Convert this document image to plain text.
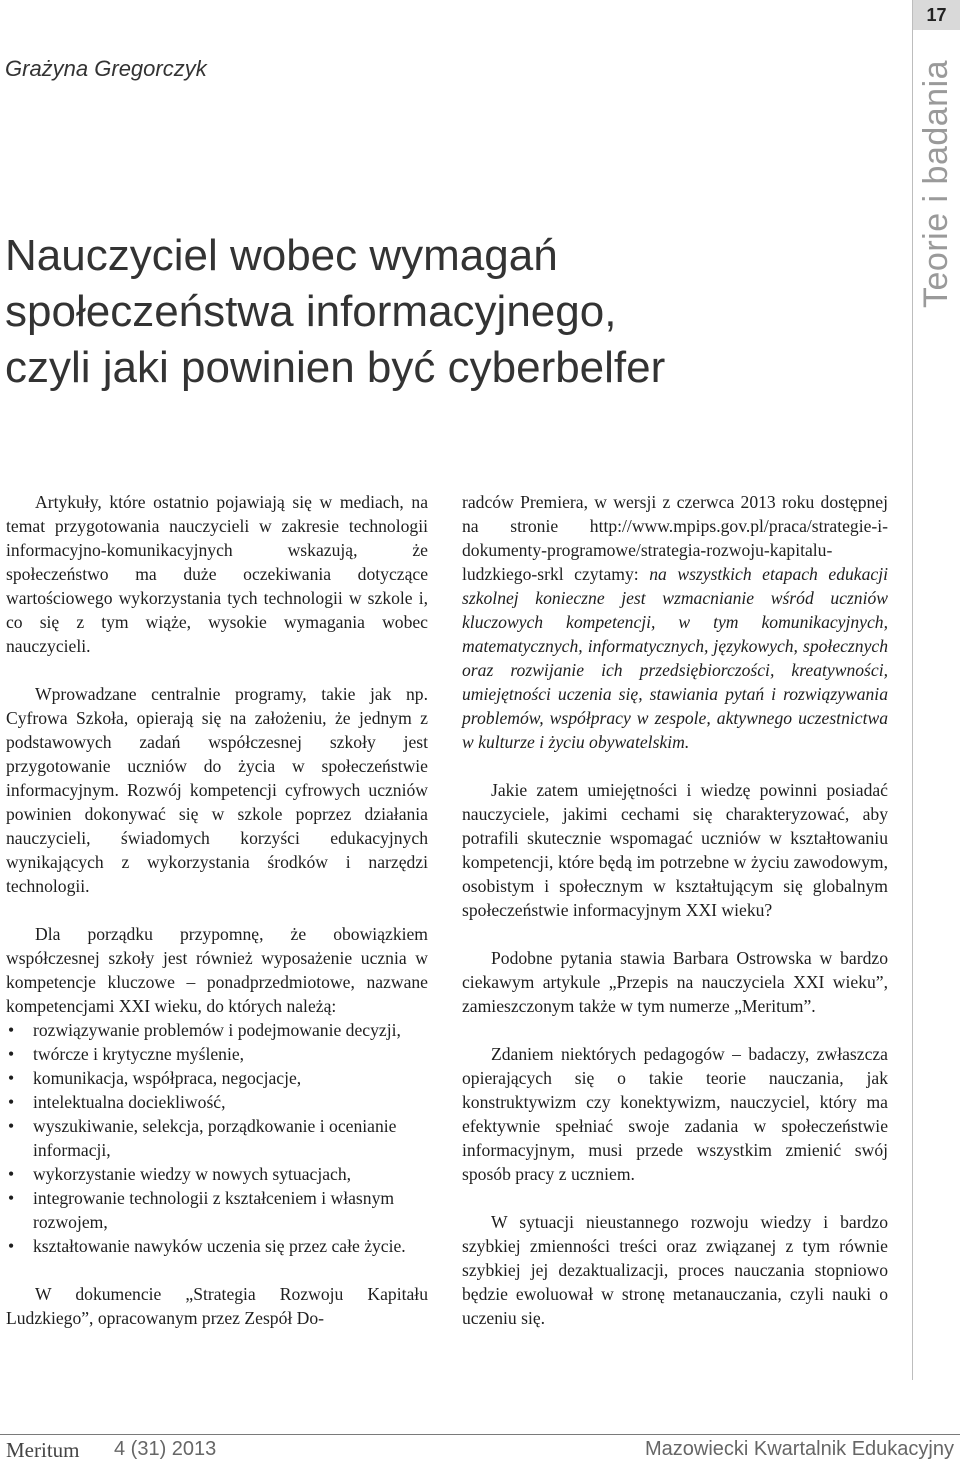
17
Teorie i badania
Grażyna Gregorczyk
Nauczyciel wobec wymagań
społeczeństwa informacyjnego,
czyli jaki powinien być cyberbelfer

Artykuły, które ostatnio pojawiają się w mediach, na temat przygotowania nauczycieli w zakresie technologii informacyjno-komunikacyjnych wskazują, że społeczeństwo ma duże oczekiwania dotyczące wartościowego wykorzystania tych technologii w szkole i, co się z tym wiąże, wysokie wymagania wobec nauczycieli.

Wprowadzane centralnie programy, takie jak np. Cyfrowa Szkoła, opierają się na założeniu, że jednym z podstawowych zadań współczesnej szkoły jest przygotowanie uczniów do życia w społeczeństwie informacyjnym. Rozwój kompetencji cyfrowych uczniów powinien dokonywać się w szkole poprzez działania nauczycieli, świadomych korzyści edukacyjnych wynikających z wykorzystania środków i narzędzi technologii.

Dla porządku przypomnę, że obowiązkiem współczesnej szkoły jest również wyposażenie ucznia w kompetencje kluczowe – ponadprzedmiotowe, nazwane kompetencjami XXI wieku, do których należą:

• rozwiązywanie problemów i podejmowanie decyzji,
• twórcze i krytyczne myślenie,
• komunikacja, współpraca, negocjacje,
• intelektualna dociekliwość,
• wyszukiwanie, selekcja, porządkowanie i ocenianie informacji,
• wykorzystanie wiedzy w nowych sytuacjach,
• integrowanie technologii z kształceniem i własnym rozwojem,
• kształtowanie nawyków uczenia się przez całe życie.

W dokumencie „Strategia Rozwoju Kapitału Ludzkiego”, opracowanym przez Zespół Do-

radców Premiera, w wersji z czerwca 2013 roku dostępnej na stronie http://www.mpips.gov.pl/praca/strategie-i-dokumenty-programowe/strategia-rozwoju-kapitalu-ludzkiego-srkl czytamy: na wszystkich etapach edukacji szkolnej konieczne jest wzmacnianie wśród uczniów kluczowych kompetencji, w tym komunikacyjnych, matematycznych, informatycznych, językowych, społecznych oraz rozwijanie ich przedsiębiorczości, kreatywności, umiejętności uczenia się, stawiania pytań i rozwiązywania problemów, współpracy w zespole, aktywnego uczestnictwa w kulturze i życiu obywatelskim.

Jakie zatem umiejętności i wiedzę powinni posiadać nauczyciele, jakimi cechami się charakteryzować, aby potrafili skutecznie wspomagać uczniów w kształtowaniu kompetencji, które będą im potrzebne w życiu zawodowym, osobistym i społecznym w kształtującym się globalnym społeczeństwie informacyjnym XXI wieku?

Podobne pytania stawia Barbara Ostrowska w bardzo ciekawym artykule „Przepis na nauczyciela XXI wieku”, zamieszczonym także w tym numerze „Meritum”.

Zdaniem niektórych pedagogów – badaczy, zwłaszcza opierających się o takie teorie nauczania, jak konstruktywizm czy konektywizm, nauczyciel, który ma efektywnie spełniać swoje zadania w społeczeństwie informacyjnym, musi przede wszystkim zmienić swój sposób pracy z uczniem.

W sytuacji nieustannego rozwoju wiedzy i bardzo szybkiej zmienności treści oraz związanej z tym równie szybkiej jej dezaktualizacji, proces nauczania stopniowo będzie ewoluował w stronę metanauczania, czyli nauki o uczeniu się.

Meritum 4 (31) 2013	Mazowiecki Kwartalnik Edukacyjny
